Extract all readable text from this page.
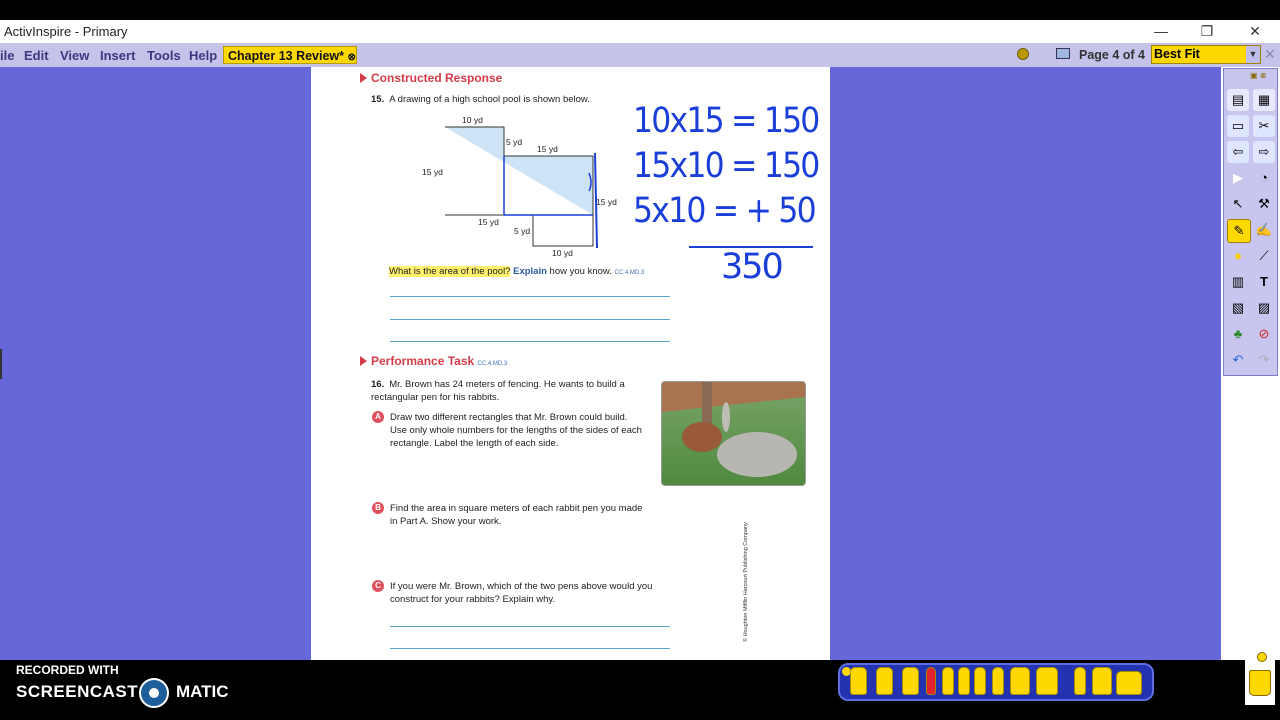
ActivInspire - Primary	—	❐	✕
ile Edit View Insert Tools Help Chapter 13 Review* ⊗	Page 4 of 4 Best Fit	▼ ✕
Constructed Response
15. A drawing of a high school pool is shown below.
10 yd
5 yd
15 yd
15 yd
15 yd
15 yd
5 yd
10 yd
What is the area of the pool? Explain how you know. CC.4.MD.3
10x15 = 150
15x10 = 150
5x10 = + 50
350
Performance Task CC.4.MD.3
16. Mr. Brown has 24 meters of fencing. He wants to build a rectangular pen for his rabbits.
A Draw two different rectangles that Mr. Brown could build. Use only whole numbers for the lengths of the sides of each rectangle. Label the length of each side.
B Find the area in square meters of each rabbit pen you made in Part A. Show your work.
C If you were Mr. Brown, which of the two pens above would you construct for your rabbits? Explain why.	© Houghton Mifflin Harcourt Publishing Company
▣ ⊗
▤	▦
▭	✂
⇦	⇨
▶	◔
↖	⚒
✎ ✍
●	⟋
▥	T
▧	▨
♣	⊘
↶	↷
RECORDED WITH
SCREENCAST MATIC
